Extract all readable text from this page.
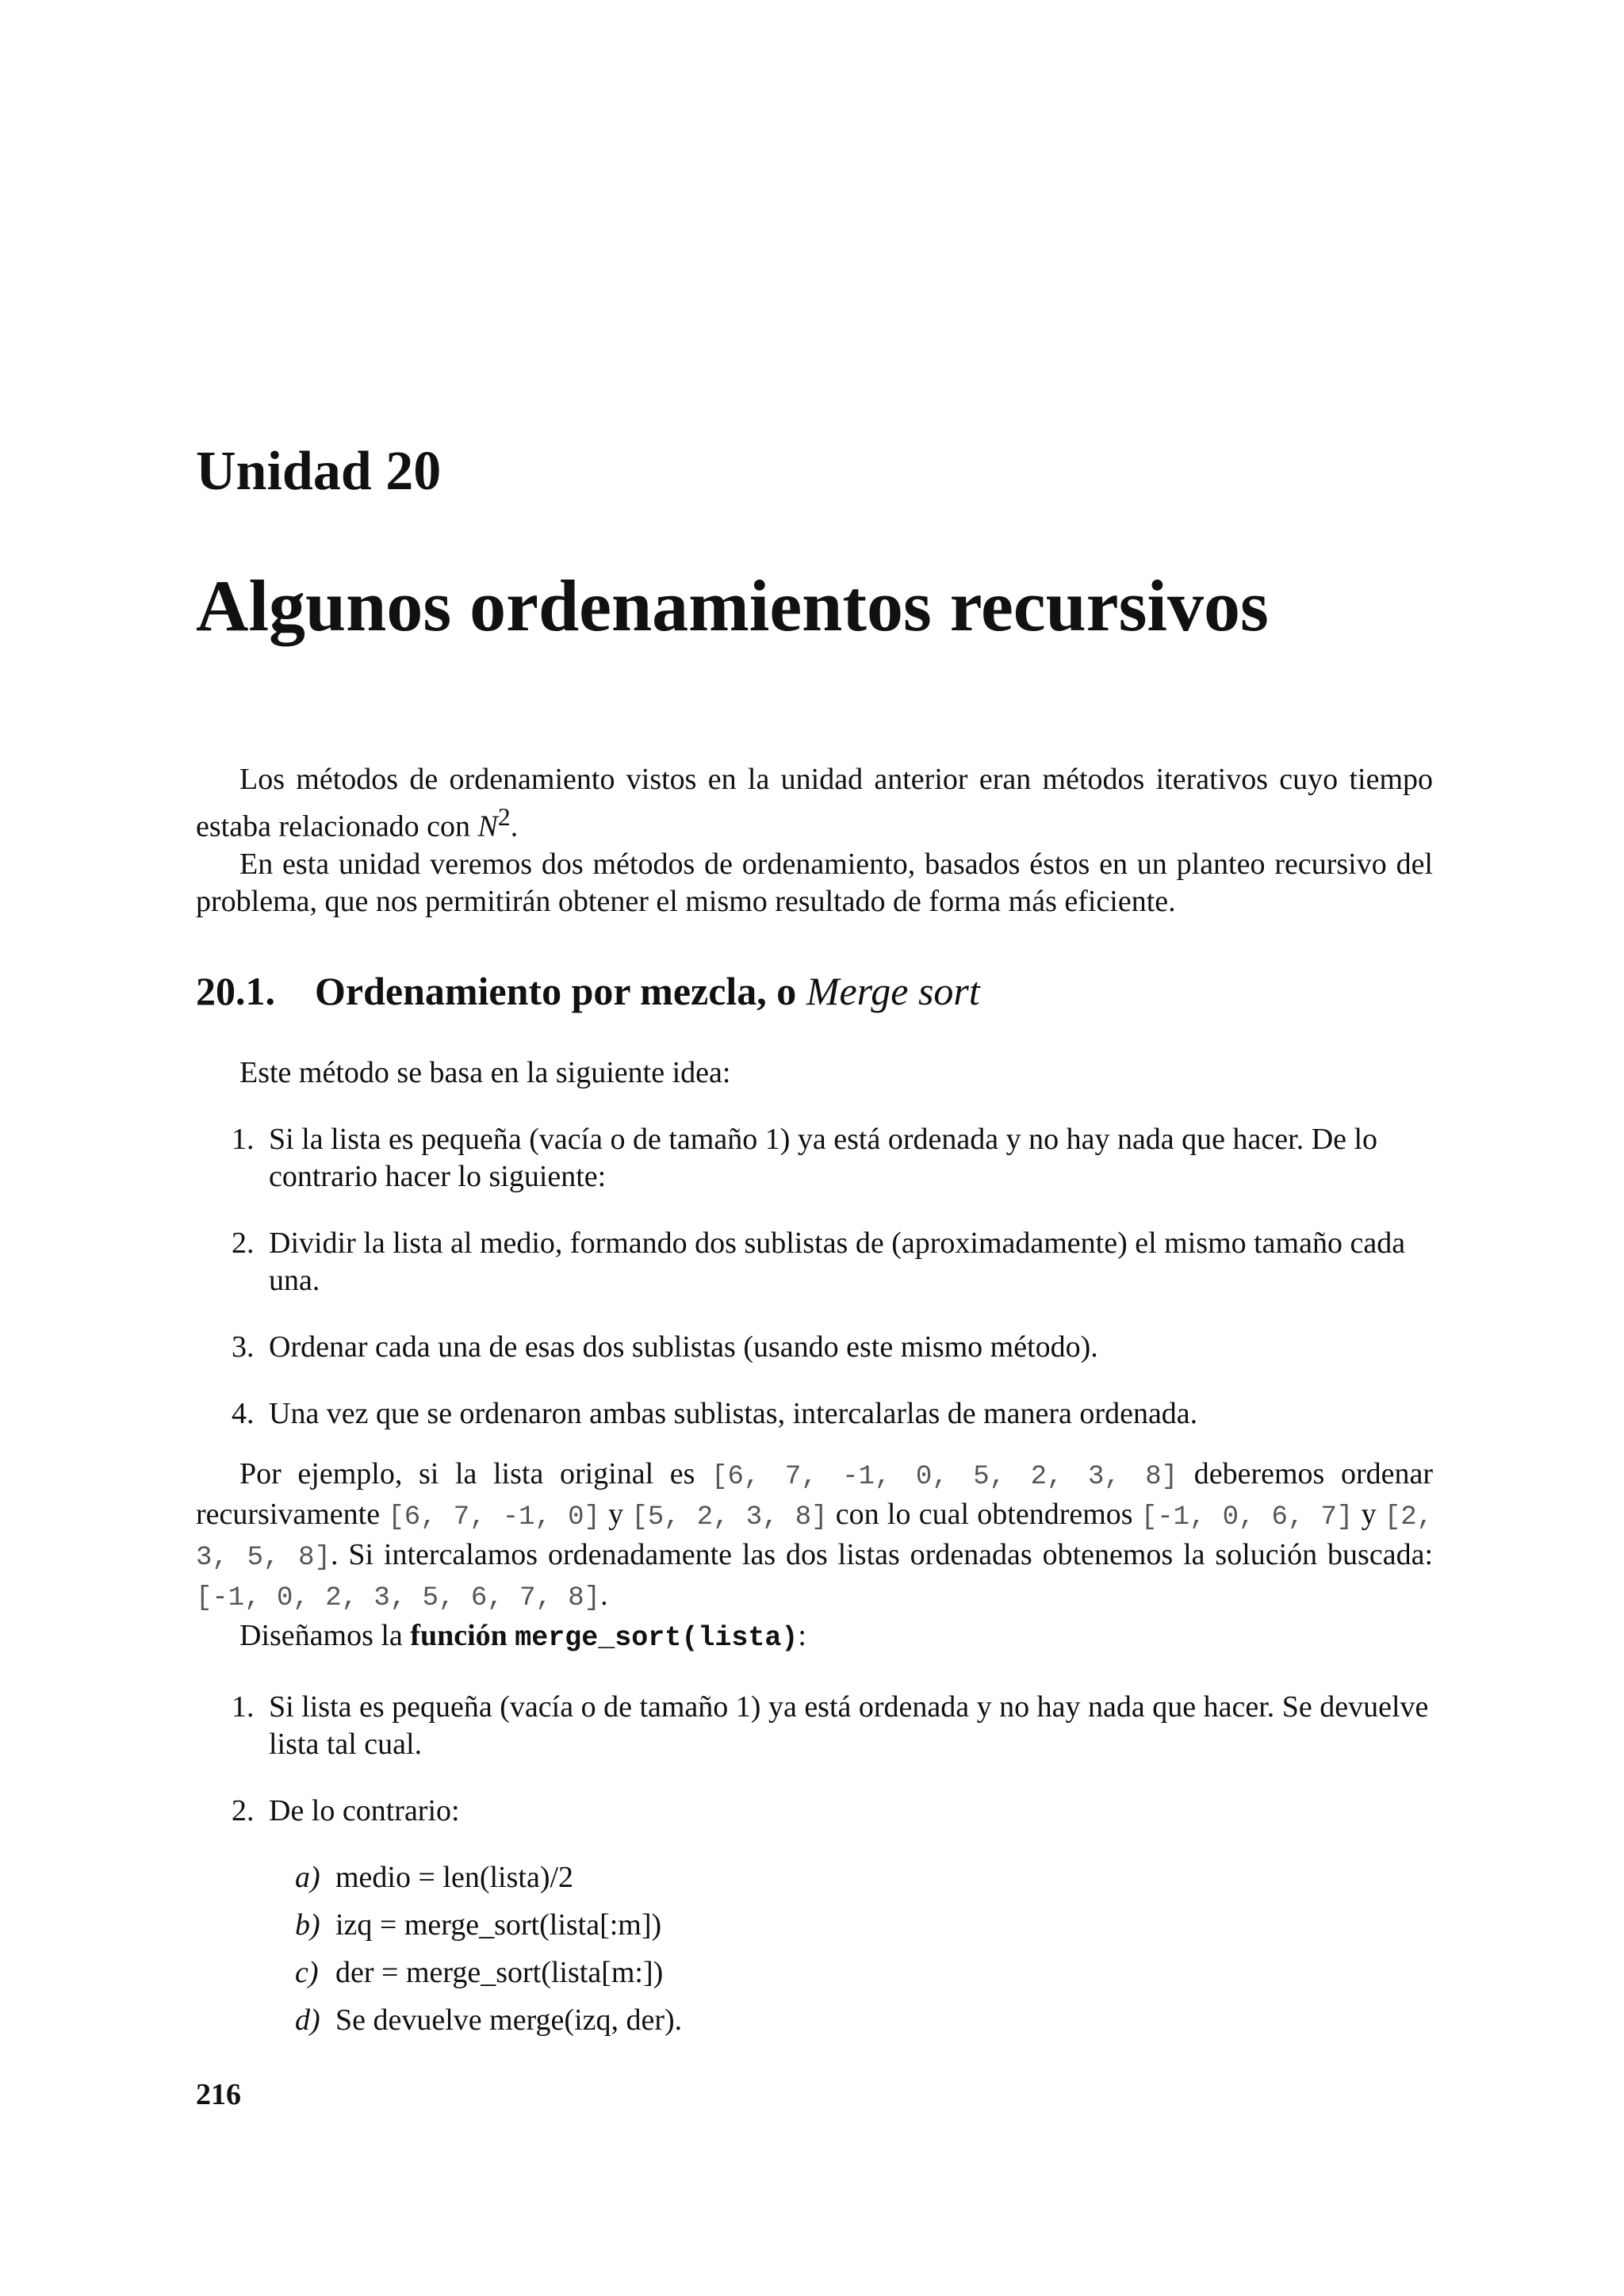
Unidad 20
Algunos ordenamientos recursivos

Los métodos de ordenamiento vistos en la unidad anterior eran métodos iterativos cuyo tiempo estaba relacionado con $N^2$.

En esta unidad veremos dos métodos de ordenamiento, basados éstos en un planteo recursivo del problema, que nos permitirán obtener el mismo resultado de forma más eficiente.

20.1. Ordenamiento por mezcla, o Merge sort

Este método se basa en la siguiente idea:

1. Si la lista es pequeña (vacía o de tamaño 1) ya está ordenada y no hay nada que hacer. De lo contrario hacer lo siguiente:
2. Dividir la lista al medio, formando dos sublistas de (aproximadamente) el mismo tamaño cada una.
3. Ordenar cada una de esas dos sublistas (usando este mismo método).
4. Una vez que se ordenaron ambas sublistas, intercalarlas de manera ordenada.

Por ejemplo, si la lista original es [6, 7, -1, 0, 5, 2, 3, 8] deberemos ordenar recursivamente [6, 7, -1, 0] y [5, 2, 3, 8] con lo cual obtendremos [-1, 0, 6, 7] y [2, 3, 5, 8]. Si intercalamos ordenadamente las dos listas ordenadas obtenemos la solución buscada: [-1, 0, 2, 3, 5, 6, 7, 8].

Diseñamos la función merge_sort(lista):

1. Si lista es pequeña (vacía o de tamaño 1) ya está ordenada y no hay nada que hacer. Se devuelve lista tal cual.
2. De lo contrario:
a) medio = len(lista)/2
b) izq = merge_sort(lista[:m])
c) der = merge_sort(lista[m:])
d) Se devuelve merge(izq, der).

216
